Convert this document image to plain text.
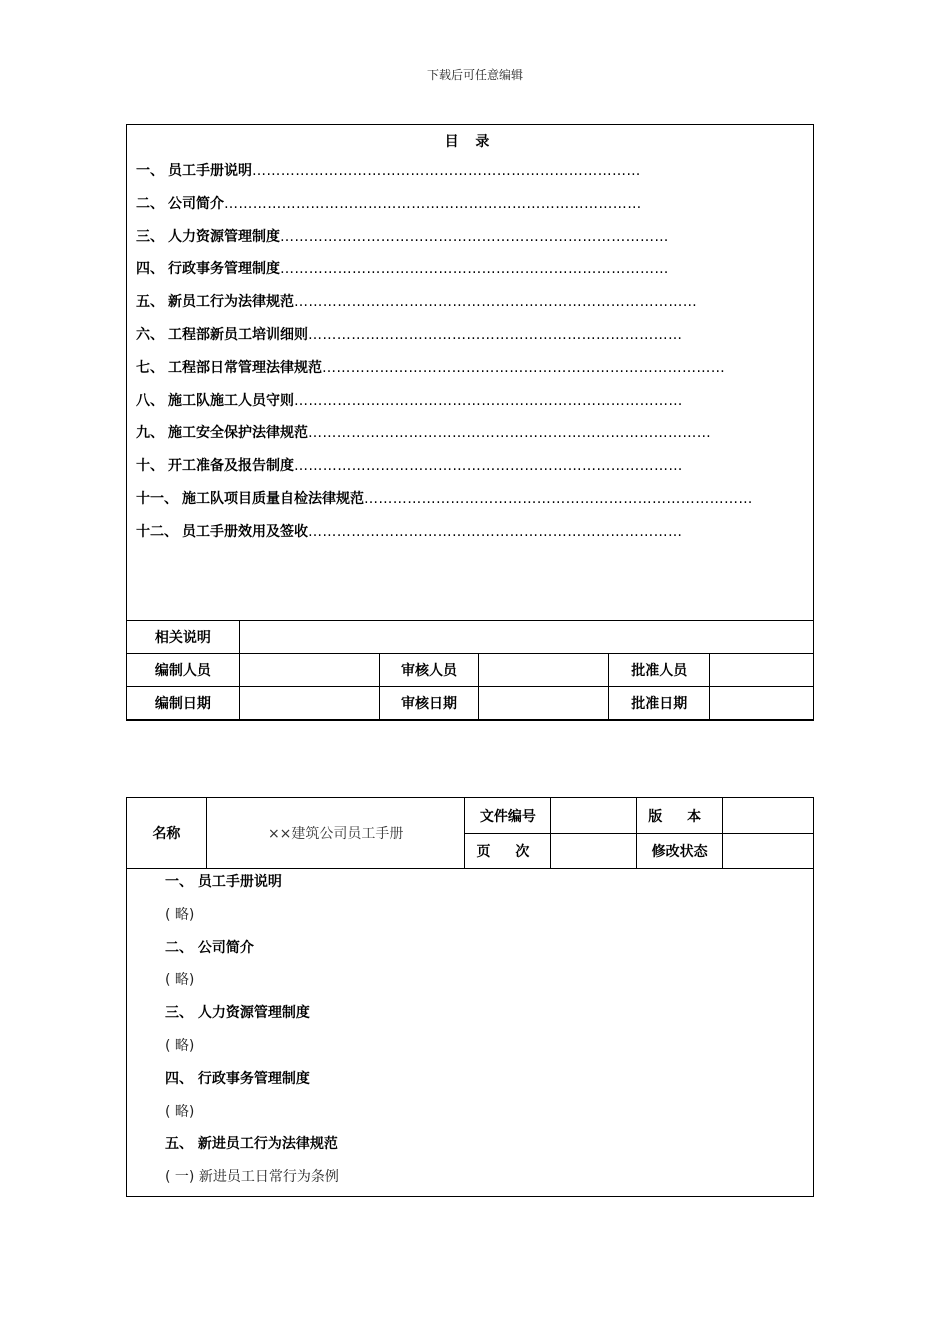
下载后可任意编辑
目 录
一、 员工手册说明………………………………………………………………………
二、 公司简介……………………………………………………………………………
三、 人力资源管理制度………………………………………………………………………
四、 行政事务管理制度………………………………………………………………………
五、 新员工行为法律规范…………………………………………………………………………
六、 工程部新员工培训细则……………………………………………………………………
七、 工程部日常管理法律规范…………………………………………………………………………
八、 施工队施工人员守则………………………………………………………………………
九、 施工安全保护法律规范…………………………………………………………………………
十、 开工准备及报告制度………………………………………………………………………
十一、 施工队项目质量自检法律规范………………………………………………………………………
十二、 员工手册效用及签收……………………………………………………………………
相关说明					
编制人员		审核人员		批准人员	
编制日期		审核日期		批准日期	
名称	××建筑公司员工手册	文件编号		版 本	
		页 次		修改状态	
一、 员工手册说明
( 略)
二、 公司简介
( 略)
三、 人力资源管理制度
( 略)
四、 行政事务管理制度
( 略)
五、 新进员工行为法律规范
( 一) 新进员工日常行为条例
